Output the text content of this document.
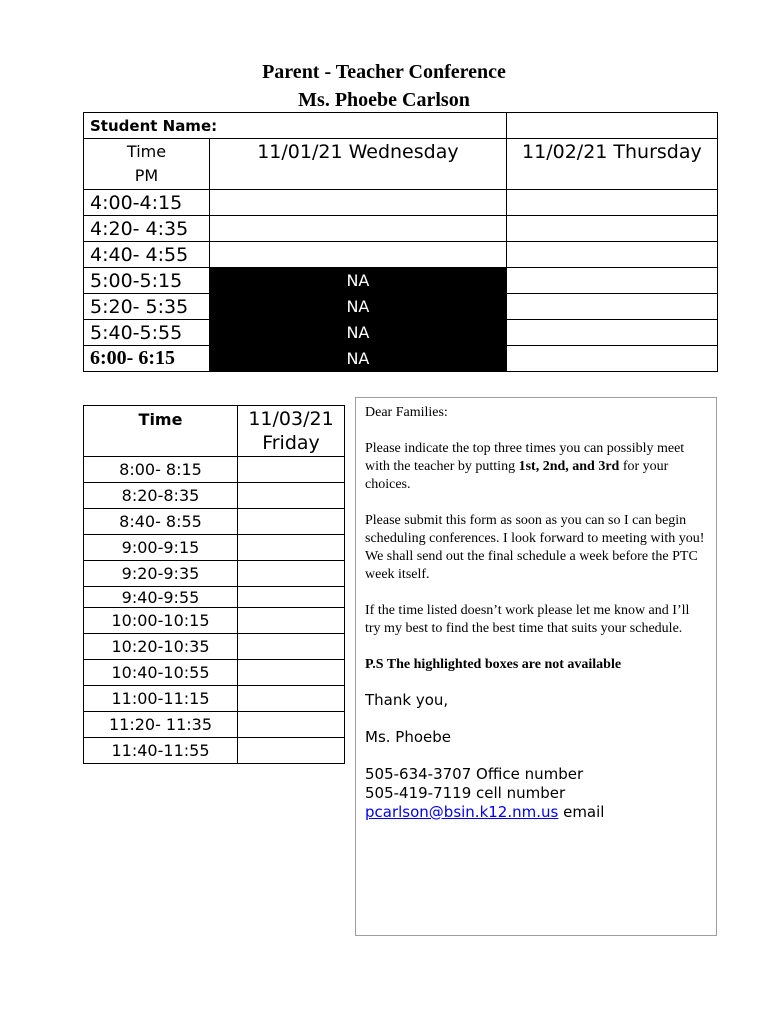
Parent - Teacher Conference
Ms. Phoebe Carlson
Student Name:		

Time
PM	11/01/21 Wednesday	11/02/21 Thursday
4:00-4:15		
4:20- 4:35		
4:40- 4:55		
5:00-5:15	NA	
5:20- 5:35	NA	
5:40-5:55	NA	
6:00- 6:15	NA	
Time	11/03/21
Friday

8:00- 8:15	
8:20-8:35	
8:40- 8:55	
9:00-9:15	
9:20-9:35	
9:40-9:55	
10:00-10:15	
10:20-10:35	
10:40-10:55	
11:00-11:15	
11:20- 11:35	
11:40-11:55	

Dear Families:

Please indicate the top three times you can possibly meet with the teacher by putting 1st, 2nd, and 3rd for your choices.

Please submit this form as soon as you can so I can begin scheduling conferences. I look forward to meeting with you! We shall send out the final schedule a week before the PTC week itself.

If the time listed doesn’t work please let me know and I’ll try my best to find the best time that suits your schedule.

P.S The highlighted boxes are not available

Thank you,

Ms. Phoebe

505-634-3707 Office number

505-419-7119 cell number

pcarlson@bsin.k12.nm.us email
